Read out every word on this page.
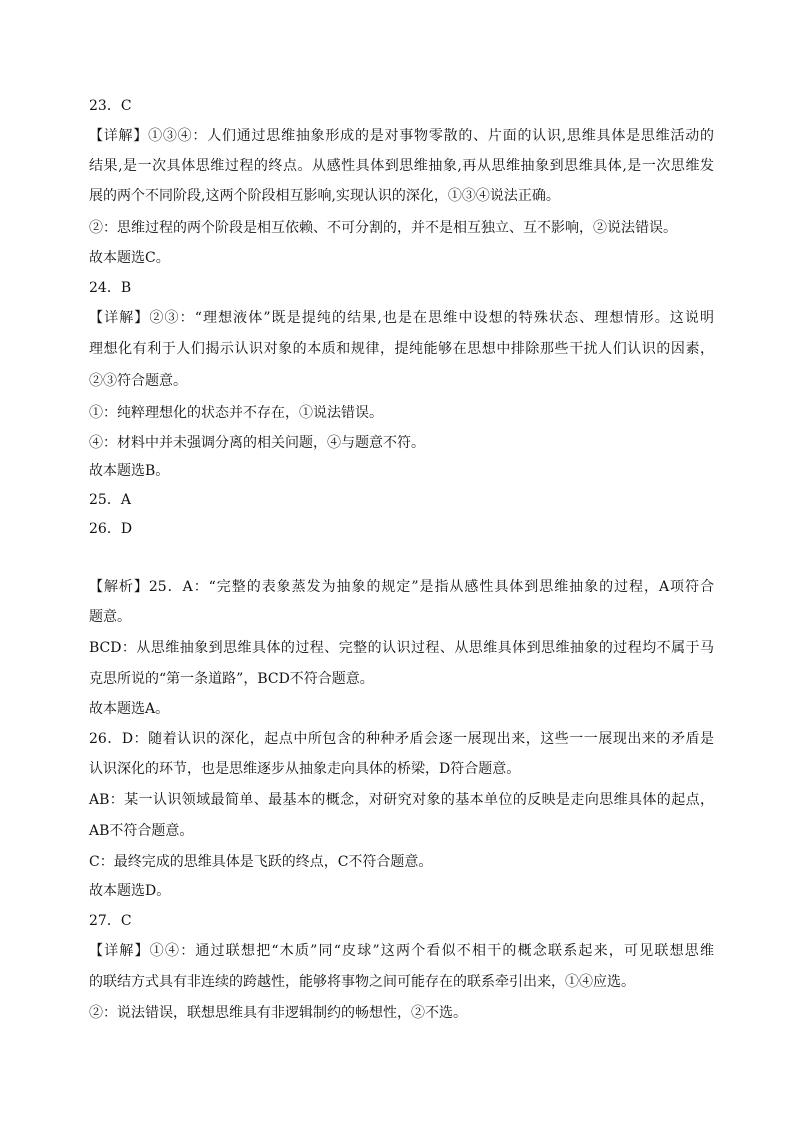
23．C
【详解】①③④：人们通过思维抽象形成的是对事物零散的、片面的认识,思维具体是思维活动的
结果,是一次具体思维过程的终点。从感性具体到思维抽象,再从思维抽象到思维具体,是一次思维发
展的两个不同阶段,这两个阶段相互影响,实现认识的深化，①③④说法正确。
②：思维过程的两个阶段是相互依赖、不可分割的，并不是相互独立、互不影响，②说法错误。
故本题选C。
24．B
【详解】②③：“理想液体”既是提纯的结果,也是在思维中设想的特殊状态、理想情形。这说明
理想化有利于人们揭示认识对象的本质和规律，提纯能够在思想中排除那些干扰人们认识的因素，
②③符合题意。
①：纯粹理想化的状态并不存在，①说法错误。
④：材料中并未强调分离的相关问题，④与题意不符。
故本题选B。
25．A
26．D
【解析】25．A：“完整的表象蒸发为抽象的规定”是指从感性具体到思维抽象的过程，A项符合
题意。
BCD：从思维抽象到思维具体的过程、完整的认识过程、从思维具体到思维抽象的过程均不属于马
克思所说的“第一条道路”，BCD不符合题意。
故本题选A。
26．D：随着认识的深化，起点中所包含的种种矛盾会逐一展现出来，这些一一展现出来的矛盾是
认识深化的环节，也是思维逐步从抽象走向具体的桥梁，D符合题意。
AB：某一认识领域最简单、最基本的概念，对研究对象的基本单位的反映是走向思维具体的起点，
AB不符合题意。
C：最终完成的思维具体是飞跃的终点，C不符合题意。
故本题选D。
27．C
【详解】①④：通过联想把“木质”同“皮球”这两个看似不相干的概念联系起来，可见联想思维
的联结方式具有非连续的跨越性，能够将事物之间可能存在的联系牵引出来，①④应选。
②：说法错误，联想思维具有非逻辑制约的畅想性，②不选。
